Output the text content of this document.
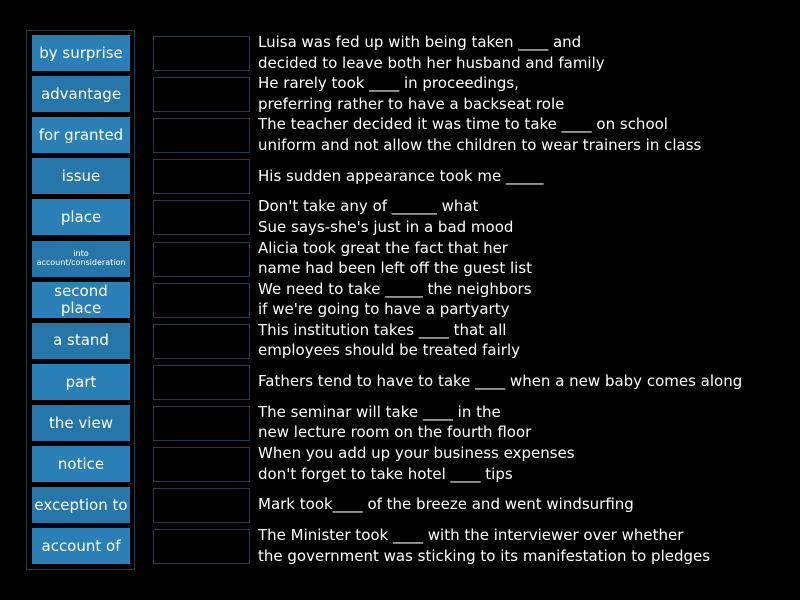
by surprise
advantage
for granted
issue
place
into account/consideration
second place
a stand
part
the view
notice
exception to
account of
Luisa was fed up with being taken ____ and
decided to leave both her husband and family
He rarely took ____ in proceedings,
preferring rather to have a backseat role
The teacher decided it was time to take ____ on school
uniform and not allow the children to wear trainers in class
His sudden appearance took me _____
Don't take any of ______ what
Sue says-she's just in a bad mood
Alicia took great the fact that her
name had been left off the guest list
We need to take _____ the neighbors
if we're going to have a partyarty
This institution takes ____ that all
employees should be treated fairly
Fathers tend to have to take ____ when a new baby comes along
The seminar will take ____ in the
new lecture room on the fourth floor
When you add up your business expenses
don't forget to take hotel ____ tips
Mark took____ of the breeze and went windsurfing
The Minister took ____ with the interviewer over whether
the government was sticking to its manifestation to pledges
